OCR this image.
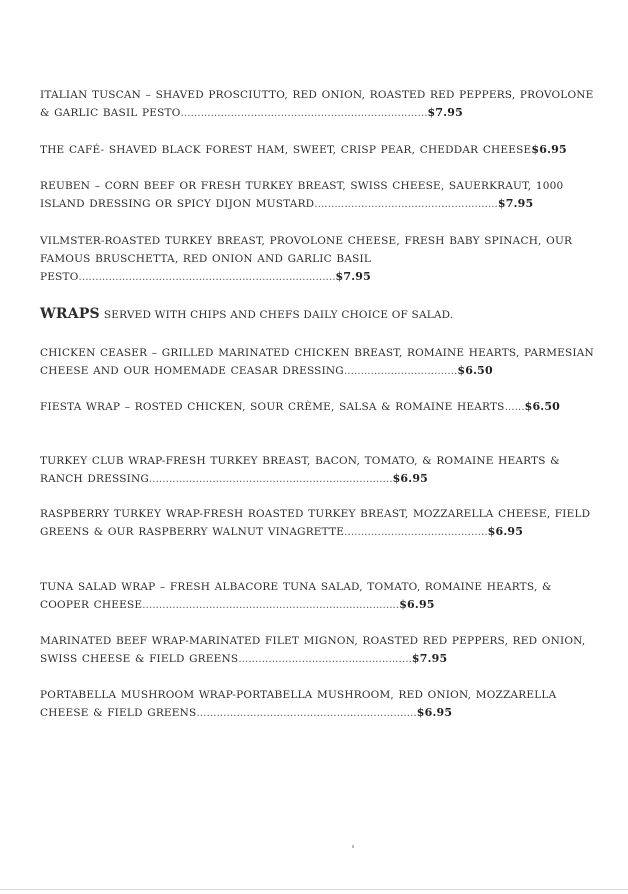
ITALIAN TUSCAN – SHAVED PROSCIUTTO, RED ONION, ROASTED RED PEPPERS, PROVOLONE & GARLIC BASIL PESTO..........................................................................$7.95
THE CAFÉ- SHAVED BLACK FOREST HAM, SWEET, CRISP PEAR, CHEDDAR CHEESE$6.95
REUBEN – CORN BEEF OR FRESH TURKEY BREAST, SWISS CHEESE, SAUERKRAUT, 1000 ISLAND DRESSING OR SPICY DIJON MUSTARD.......................................................$7.95
VILMSTER-ROASTED TURKEY BREAST, PROVOLONE CHEESE, FRESH BABY SPINACH, OUR FAMOUS BRUSCHETTA, RED ONION AND GARLIC BASIL PESTO.............................................................................$7.95
WRAPS SERVED WITH CHIPS AND CHEFS DAILY CHOICE OF SALAD.
CHICKEN CEASER – GRILLED MARINATED CHICKEN BREAST, ROMAINE HEARTS, PARMESIAN CHEESE AND OUR HOMEMADE CEASAR DRESSING..................................$6.50
FIESTA WRAP – ROSTED CHICKEN, SOUR CRÈME, SALSA & ROMAINE HEARTS......$6.50
TURKEY CLUB WRAP-FRESH TURKEY BREAST, BACON, TOMATO, & ROMAINE HEARTS & RANCH DRESSING.........................................................................$6.95
RASPBERRY TURKEY WRAP-FRESH ROASTED TURKEY BREAST, MOZZARELLA CHEESE, FIELD GREENS & OUR RASPBERRY WALNUT VINAGRETTE...........................................$6.95
TUNA SALAD WRAP – FRESH ALBACORE TUNA SALAD, TOMATO, ROMAINE HEARTS, & COOPER CHEESE.............................................................................$6.95
MARINATED BEEF WRAP-MARINATED FILET MIGNON, ROASTED RED PEPPERS, RED ONION, SWISS CHEESE & FIELD GREENS....................................................$7.95
PORTABELLA MUSHROOM WRAP-PORTABELLA MUSHROOM, RED ONION, MOZZARELLA CHEESE & FIELD GREENS..................................................................$6.95
